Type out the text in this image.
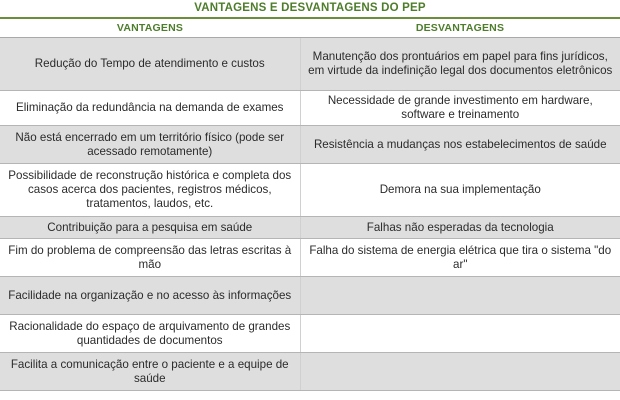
VANTAGENS E DESVANTAGENS DO PEP
VANTAGENS	DESVANTAGENS
Redução do Tempo de atendimento e custos	Manutenção dos prontuários em papel para fins jurídicos, em virtude da indefinição legal dos documentos eletrônicos
Eliminação da redundância na demanda de exames	Necessidade de grande investimento em hardware, software e treinamento
Não está encerrado em um território físico (pode ser acessado remotamente)	Resistência a mudanças nos estabelecimentos de saúde
Possibilidade de reconstrução histórica e completa dos casos acerca dos pacientes, registros médicos, tratamentos, laudos, etc.	Demora na sua implementação
Contribuição para a pesquisa em saúde	Falhas não esperadas da tecnologia
Fim do problema de compreensão das letras escritas à mão	Falha do sistema de energia elétrica que tira o sistema "do ar"
Facilidade na organização e no acesso às informações	
Racionalidade do espaço de arquivamento de grandes quantidades de documentos	
Facilita a comunicação entre o paciente e a equipe de saúde	
